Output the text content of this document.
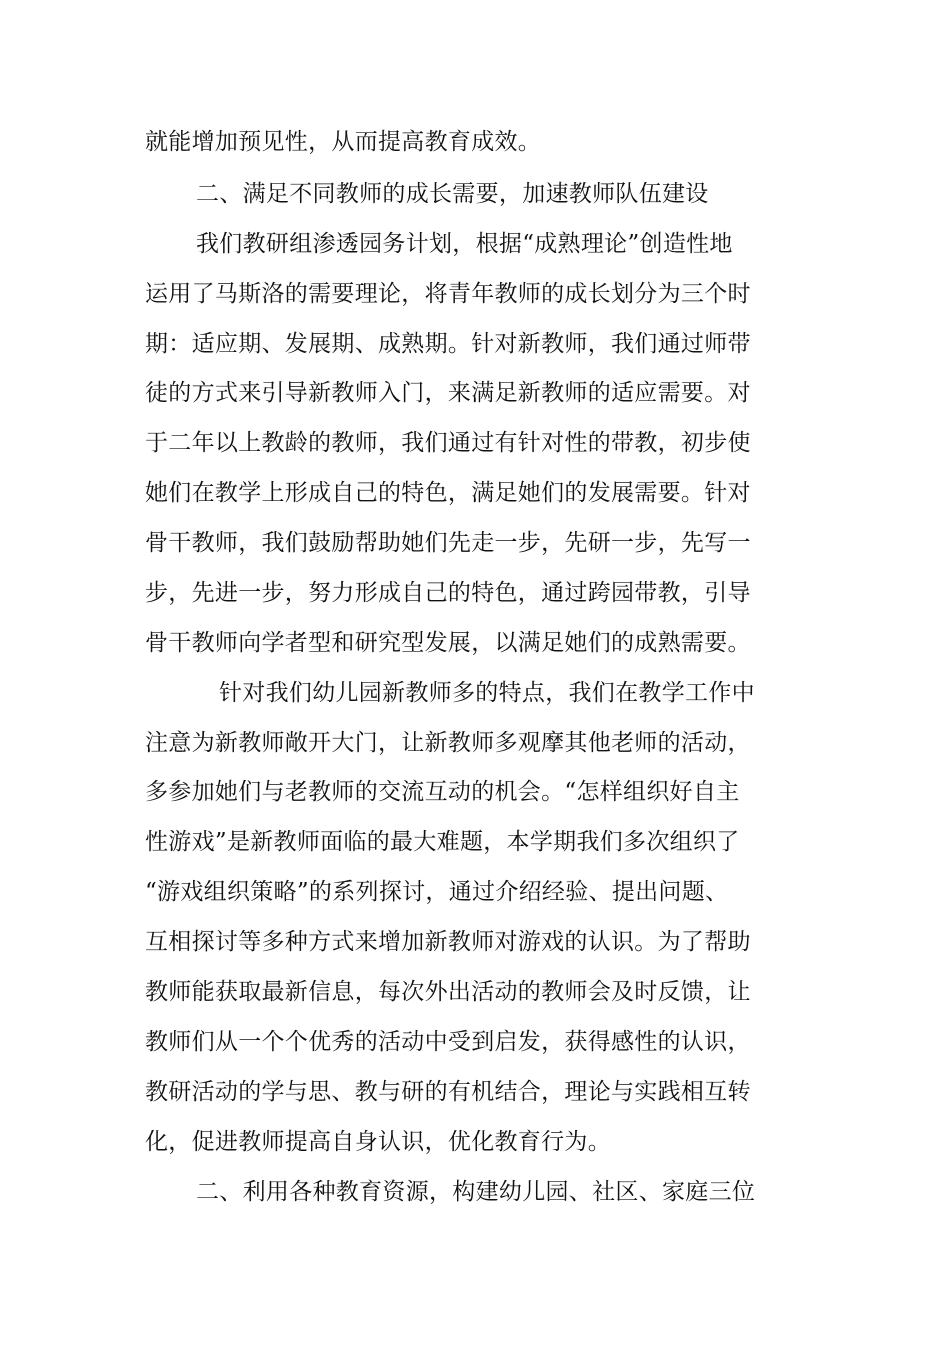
就能增加预见性，从而提高教育成效。

二、满足不同教师的成长需要，加速教师队伍建设

我们教研组渗透园务计划，根据“成熟理论”创造性地

运用了马斯洛的需要理论，将青年教师的成长划分为三个时

期：适应期、发展期、成熟期。针对新教师，我们通过师带

徒的方式来引导新教师入门，来满足新教师的适应需要。对

于二年以上教龄的教师，我们通过有针对性的带教，初步使

她们在教学上形成自己的特色，满足她们的发展需要。针对

骨干教师，我们鼓励帮助她们先走一步，先研一步，先写一

步，先进一步，努力形成自己的特色，通过跨园带教，引导

骨干教师向学者型和研究型发展，以满足她们的成熟需要。

针对我们幼儿园新教师多的特点，我们在教学工作中

注意为新教师敞开大门，让新教师多观摩其他老师的活动，

多参加她们与老教师的交流互动的机会。“怎样组织好自主

性游戏”是新教师面临的最大难题，本学期我们多次组织了

“游戏组织策略”的系列探讨，通过介绍经验、提出问题、

互相探讨等多种方式来增加新教师对游戏的认识。为了帮助

教师能获取最新信息，每次外出活动的教师会及时反馈，让

教师们从一个个优秀的活动中受到启发，获得感性的认识，

教研活动的学与思、教与研的有机结合，理论与实践相互转

化，促进教师提高自身认识，优化教育行为。

二、利用各种教育资源，构建幼儿园、社区、家庭三位
